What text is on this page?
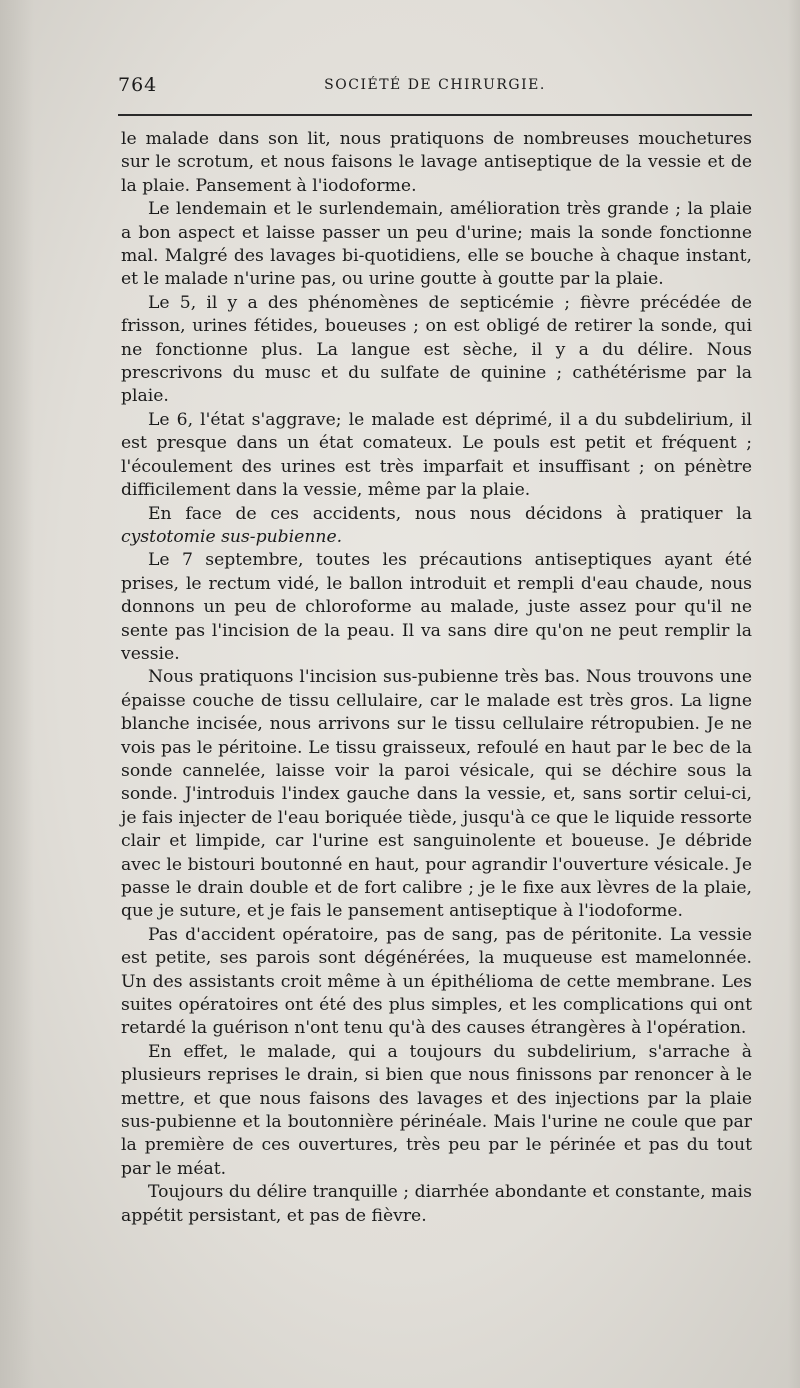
764	SOCIÉTÉ DE CHIRURGIE.

le malade dans son lit, nous pratiquons de nombreuses mouchetures sur le scrotum, et nous faisons le lavage antiseptique de la vessie et de la plaie. Pansement à l'iodoforme.

Le lendemain et le surlendemain, amélioration très grande ; la plaie a bon aspect et laisse passer un peu d'urine; mais la sonde fonctionne mal. Malgré des lavages bi-quotidiens, elle se bouche à chaque instant, et le malade n'urine pas, ou urine goutte à goutte par la plaie.

Le 5, il y a des phénomènes de septicémie ; fièvre précédée de frisson, urines fétides, boueuses ; on est obligé de retirer la sonde, qui ne fonctionne plus. La langue est sèche, il y a du délire. Nous prescrivons du musc et du sulfate de quinine ; cathétérisme par la plaie.

Le 6, l'état s'aggrave; le malade est déprimé, il a du subdelirium, il est presque dans un état comateux. Le pouls est petit et fréquent ; l'écoulement des urines est très imparfait et insuffisant ; on pénètre difficilement dans la vessie, même par la plaie.

En face de ces accidents, nous nous décidons à pratiquer la cystotomie sus-pubienne.

Le 7 septembre, toutes les précautions antiseptiques ayant été prises, le rectum vidé, le ballon introduit et rempli d'eau chaude, nous donnons un peu de chloroforme au malade, juste assez pour qu'il ne sente pas l'incision de la peau. Il va sans dire qu'on ne peut remplir la vessie.

Nous pratiquons l'incision sus-pubienne très bas. Nous trouvons une épaisse couche de tissu cellulaire, car le malade est très gros. La ligne blanche incisée, nous arrivons sur le tissu cellulaire rétropubien. Je ne vois pas le péritoine. Le tissu graisseux, refoulé en haut par le bec de la sonde cannelée, laisse voir la paroi vésicale, qui se déchire sous la sonde. J'introduis l'index gauche dans la vessie, et, sans sortir celui-ci, je fais injecter de l'eau boriquée tiède, jusqu'à ce que le liquide ressorte clair et limpide, car l'urine est sanguinolente et boueuse. Je débride avec le bistouri boutonné en haut, pour agrandir l'ouverture vésicale. Je passe le drain double et de fort calibre ; je le fixe aux lèvres de la plaie, que je suture, et je fais le pansement antiseptique à l'iodoforme.

Pas d'accident opératoire, pas de sang, pas de péritonite. La vessie est petite, ses parois sont dégénérées, la muqueuse est mamelonnée. Un des assistants croit même à un épithélioma de cette membrane. Les suites opératoires ont été des plus simples, et les complications qui ont retardé la guérison n'ont tenu qu'à des causes étrangères à l'opération.

En effet, le malade, qui a toujours du subdelirium, s'arrache à plusieurs reprises le drain, si bien que nous finissons par renoncer à le mettre, et que nous faisons des lavages et des injections par la plaie sus-pubienne et la boutonnière périnéale. Mais l'urine ne coule que par la première de ces ouvertures, très peu par le périnée et pas du tout par le méat.

Toujours du délire tranquille ; diarrhée abondante et constante, mais appétit persistant, et pas de fièvre.
